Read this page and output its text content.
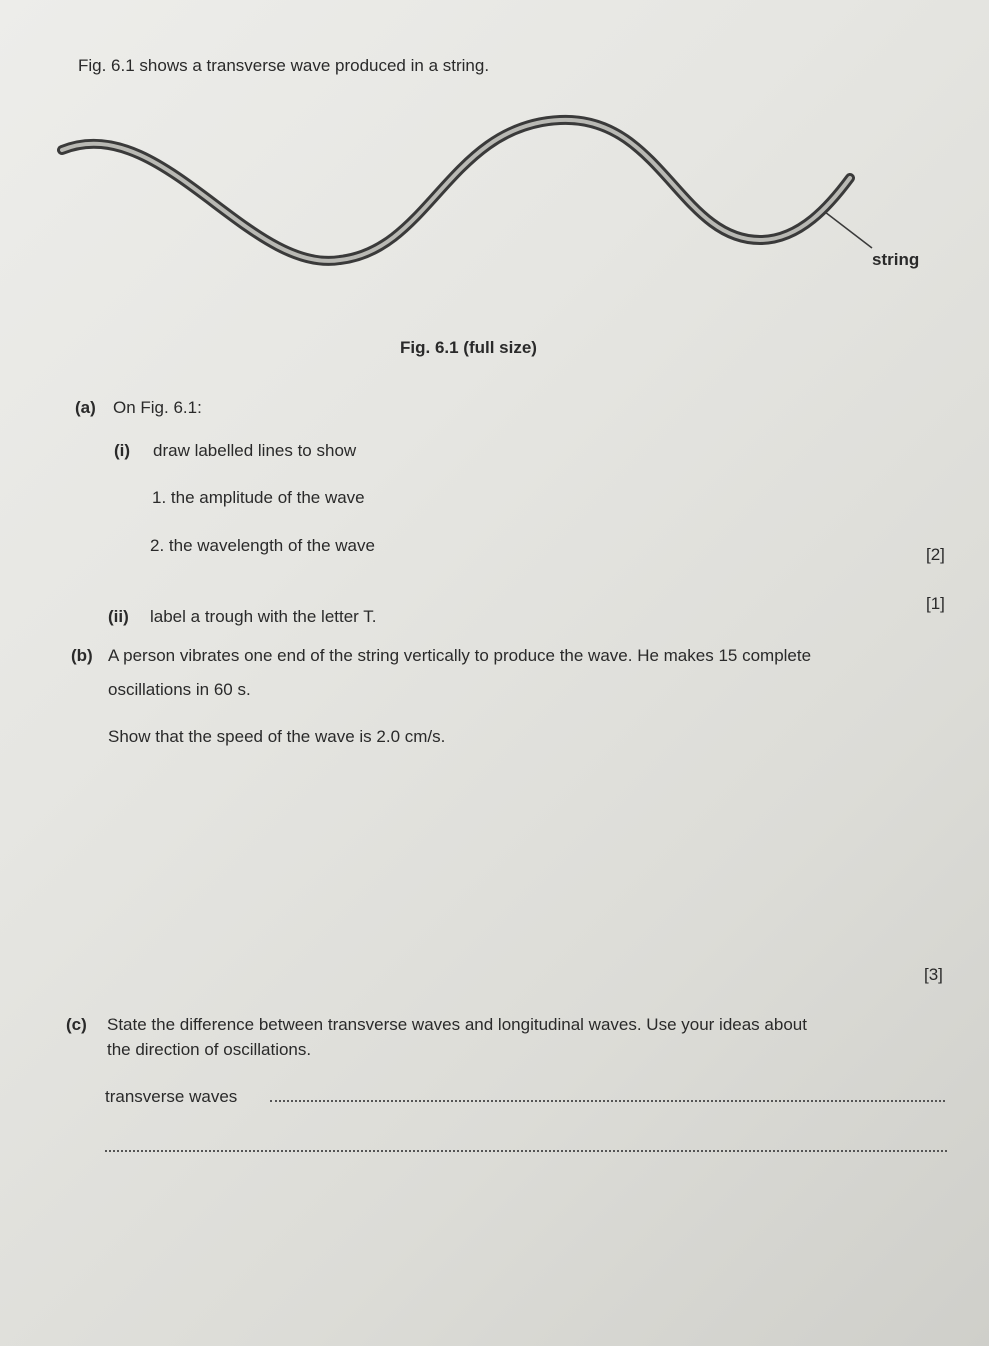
Fig. 6.1 shows a transverse wave produced in a string.
string
Fig. 6.1 (full size)
(a) On Fig. 6.1:
(i) draw labelled lines to show
1. the amplitude of the wave
2. the wavelength of the wave	[2]
(ii) label a trough with the letter T.
[1]
(b) A person vibrates one end of the string vertically to produce the wave. He makes 15 complete
oscillations in 60 s.
Show that the speed of the wave is 2.0 cm/s.
[3]
(c) State the difference between transverse waves and longitudinal waves. Use your ideas about
the direction of oscillations.
transverse waves
